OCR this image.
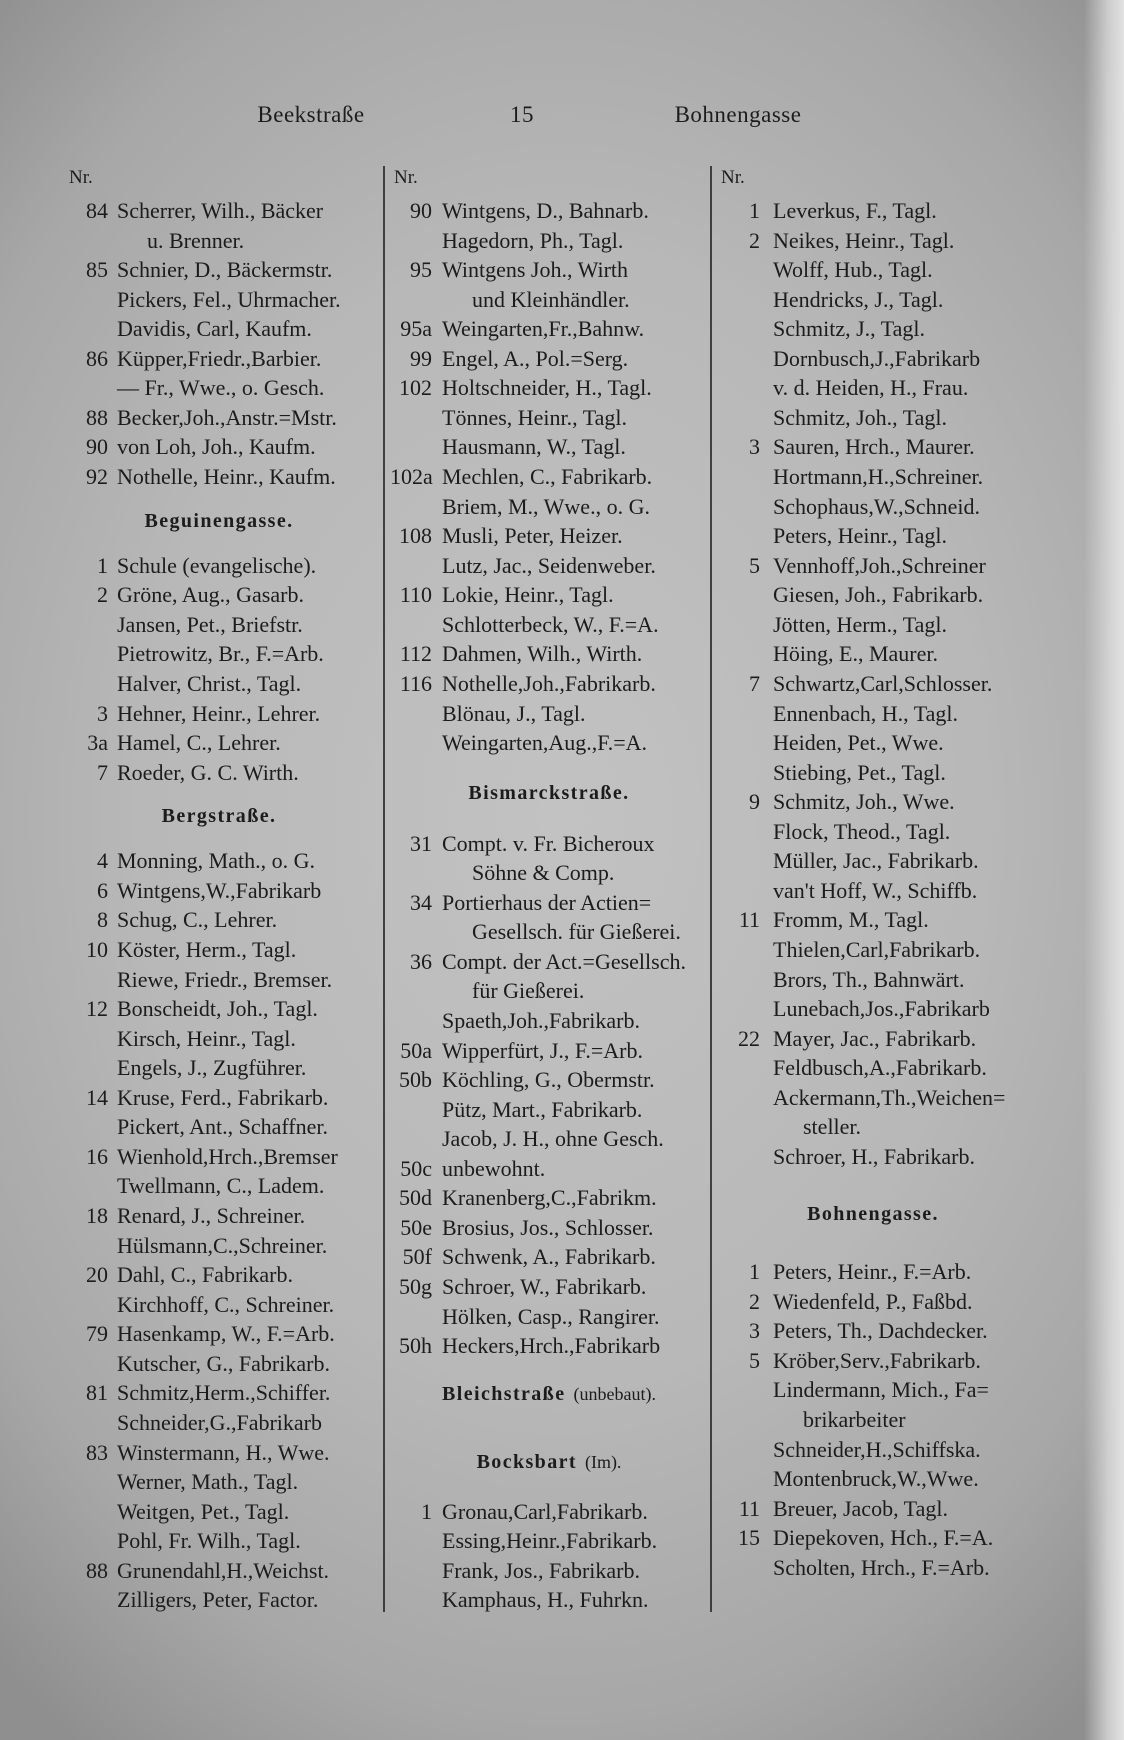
Beekstraße	15	Bohnengasse
Nr.
84 Scherrer, Wilh., Bäcker
u. Brenner.
85 Schnier, D., Bäckermstr.
Pickers, Fel., Uhrmacher.
Davidis, Carl, Kaufm.
86 Küpper,Friedr.,Barbier.
— Fr., Wwe., o. Gesch.
88 Becker,Joh.,Anstr.=Mstr.
90 von Loh, Joh., Kaufm.
92 Nothelle, Heinr., Kaufm.
Beguinengasse.
1 Schule (evangelische).
2 Gröne, Aug., Gasarb.
Jansen, Pet., Briefstr.
Pietrowitz, Br., F.=Arb.
Halver, Christ., Tagl.
3 Hehner, Heinr., Lehrer.
3a Hamel, C., Lehrer.
7 Roeder, G. C. Wirth.
Bergstraße.
4 Monning, Math., o. G.
6 Wintgens,W.,Fabrikarb
8 Schug, C., Lehrer.
10 Köster, Herm., Tagl.
Riewe, Friedr., Bremser.
12 Bonscheidt, Joh., Tagl.
Kirsch, Heinr., Tagl.
Engels, J., Zugführer.
14 Kruse, Ferd., Fabrikarb.
Pickert, Ant., Schaffner.
16 Wienhold,Hrch.,Bremser
Twellmann, C., Ladem.
18 Renard, J., Schreiner.
Hülsmann,C.,Schreiner.
20 Dahl, C., Fabrikarb.
Kirchhoff, C., Schreiner.
79 Hasenkamp, W., F.=Arb.
Kutscher, G., Fabrikarb.
81 Schmitz,Herm.,Schiffer.
Schneider,G.,Fabrikarb
83 Winstermann, H., Wwe.
Werner, Math., Tagl.
Weitgen, Pet., Tagl.
Pohl, Fr. Wilh., Tagl.
88 Grunendahl,H.,Weichst.
Zilligers, Peter, Factor.
Nr.
90 Wintgens, D., Bahnarb.
Hagedorn, Ph., Tagl.
95 Wintgens Joh., Wirth
und Kleinhändler.
95a Weingarten,Fr.,Bahnw.
99 Engel, A., Pol.=Serg.
102 Holtschneider, H., Tagl.
Tönnes, Heinr., Tagl.
Hausmann, W., Tagl.
102a Mechlen, C., Fabrikarb.
Briem, M., Wwe., o. G.
108 Musli, Peter, Heizer.
Lutz, Jac., Seidenweber.
110 Lokie, Heinr., Tagl.
Schlotterbeck, W., F.=A.
112 Dahmen, Wilh., Wirth.
116 Nothelle,Joh.,Fabrikarb.
Blönau, J., Tagl.
Weingarten,Aug.,F.=A.
Bismarckstraße.
31 Compt. v. Fr. Bicheroux
Söhne & Comp.
34 Portierhaus der Actien=
Gesellsch. für Gießerei.
36 Compt. der Act.=Gesellsch.
für Gießerei.
Spaeth,Joh.,Fabrikarb.
50a Wipperfürt, J., F.=Arb.
50b Köchling, G., Obermstr.
Pütz, Mart., Fabrikarb.
Jacob, J. H., ohne Gesch.
50c unbewohnt.
50d Kranenberg,C.,Fabrikm.
50e Brosius, Jos., Schlosser.
50f Schwenk, A., Fabrikarb.
50g Schroer, W., Fabrikarb.
Hölken, Casp., Rangirer.
50h Heckers,Hrch.,Fabrikarb
Bleichstraße (unbebaut).
Bocksbart (Im).
1 Gronau,Carl,Fabrikarb.
Essing,Heinr.,Fabrikarb.
Frank, Jos., Fabrikarb.
Kamphaus, H., Fuhrkn.
Nr.
1 Leverkus, F., Tagl.
2 Neikes, Heinr., Tagl.
Wolff, Hub., Tagl.
Hendricks, J., Tagl.
Schmitz, J., Tagl.
Dornbusch,J.,Fabrikarb
v. d. Heiden, H., Frau.
Schmitz, Joh., Tagl.
3 Sauren, Hrch., Maurer.
Hortmann,H.,Schreiner.
Schophaus,W.,Schneid.
Peters, Heinr., Tagl.
5 Vennhoff,Joh.,Schreiner
Giesen, Joh., Fabrikarb.
Jötten, Herm., Tagl.
Höing, E., Maurer.
7 Schwartz,Carl,Schlosser.
Ennenbach, H., Tagl.
Heiden, Pet., Wwe.
Stiebing, Pet., Tagl.
9 Schmitz, Joh., Wwe.
Flock, Theod., Tagl.
Müller, Jac., Fabrikarb.
van't Hoff, W., Schiffb.
11 Fromm, M., Tagl.
Thielen,Carl,Fabrikarb.
Brors, Th., Bahnwärt.
Lunebach,Jos.,Fabrikarb
22 Mayer, Jac., Fabrikarb.
Feldbusch,A.,Fabrikarb.
Ackermann,Th.,Weichen=
steller.
Schroer, H., Fabrikarb.
Bohnengasse.
1 Peters, Heinr., F.=Arb.
2 Wiedenfeld, P., Faßbd.
3 Peters, Th., Dachdecker.
5 Kröber,Serv.,Fabrikarb.
Lindermann, Mich., Fa=
brikarbeiter
Schneider,H.,Schiffska.
Montenbruck,W.,Wwe.
11 Breuer, Jacob, Tagl.
15 Diepekoven, Hch., F.=A.
Scholten, Hrch., F.=Arb.
